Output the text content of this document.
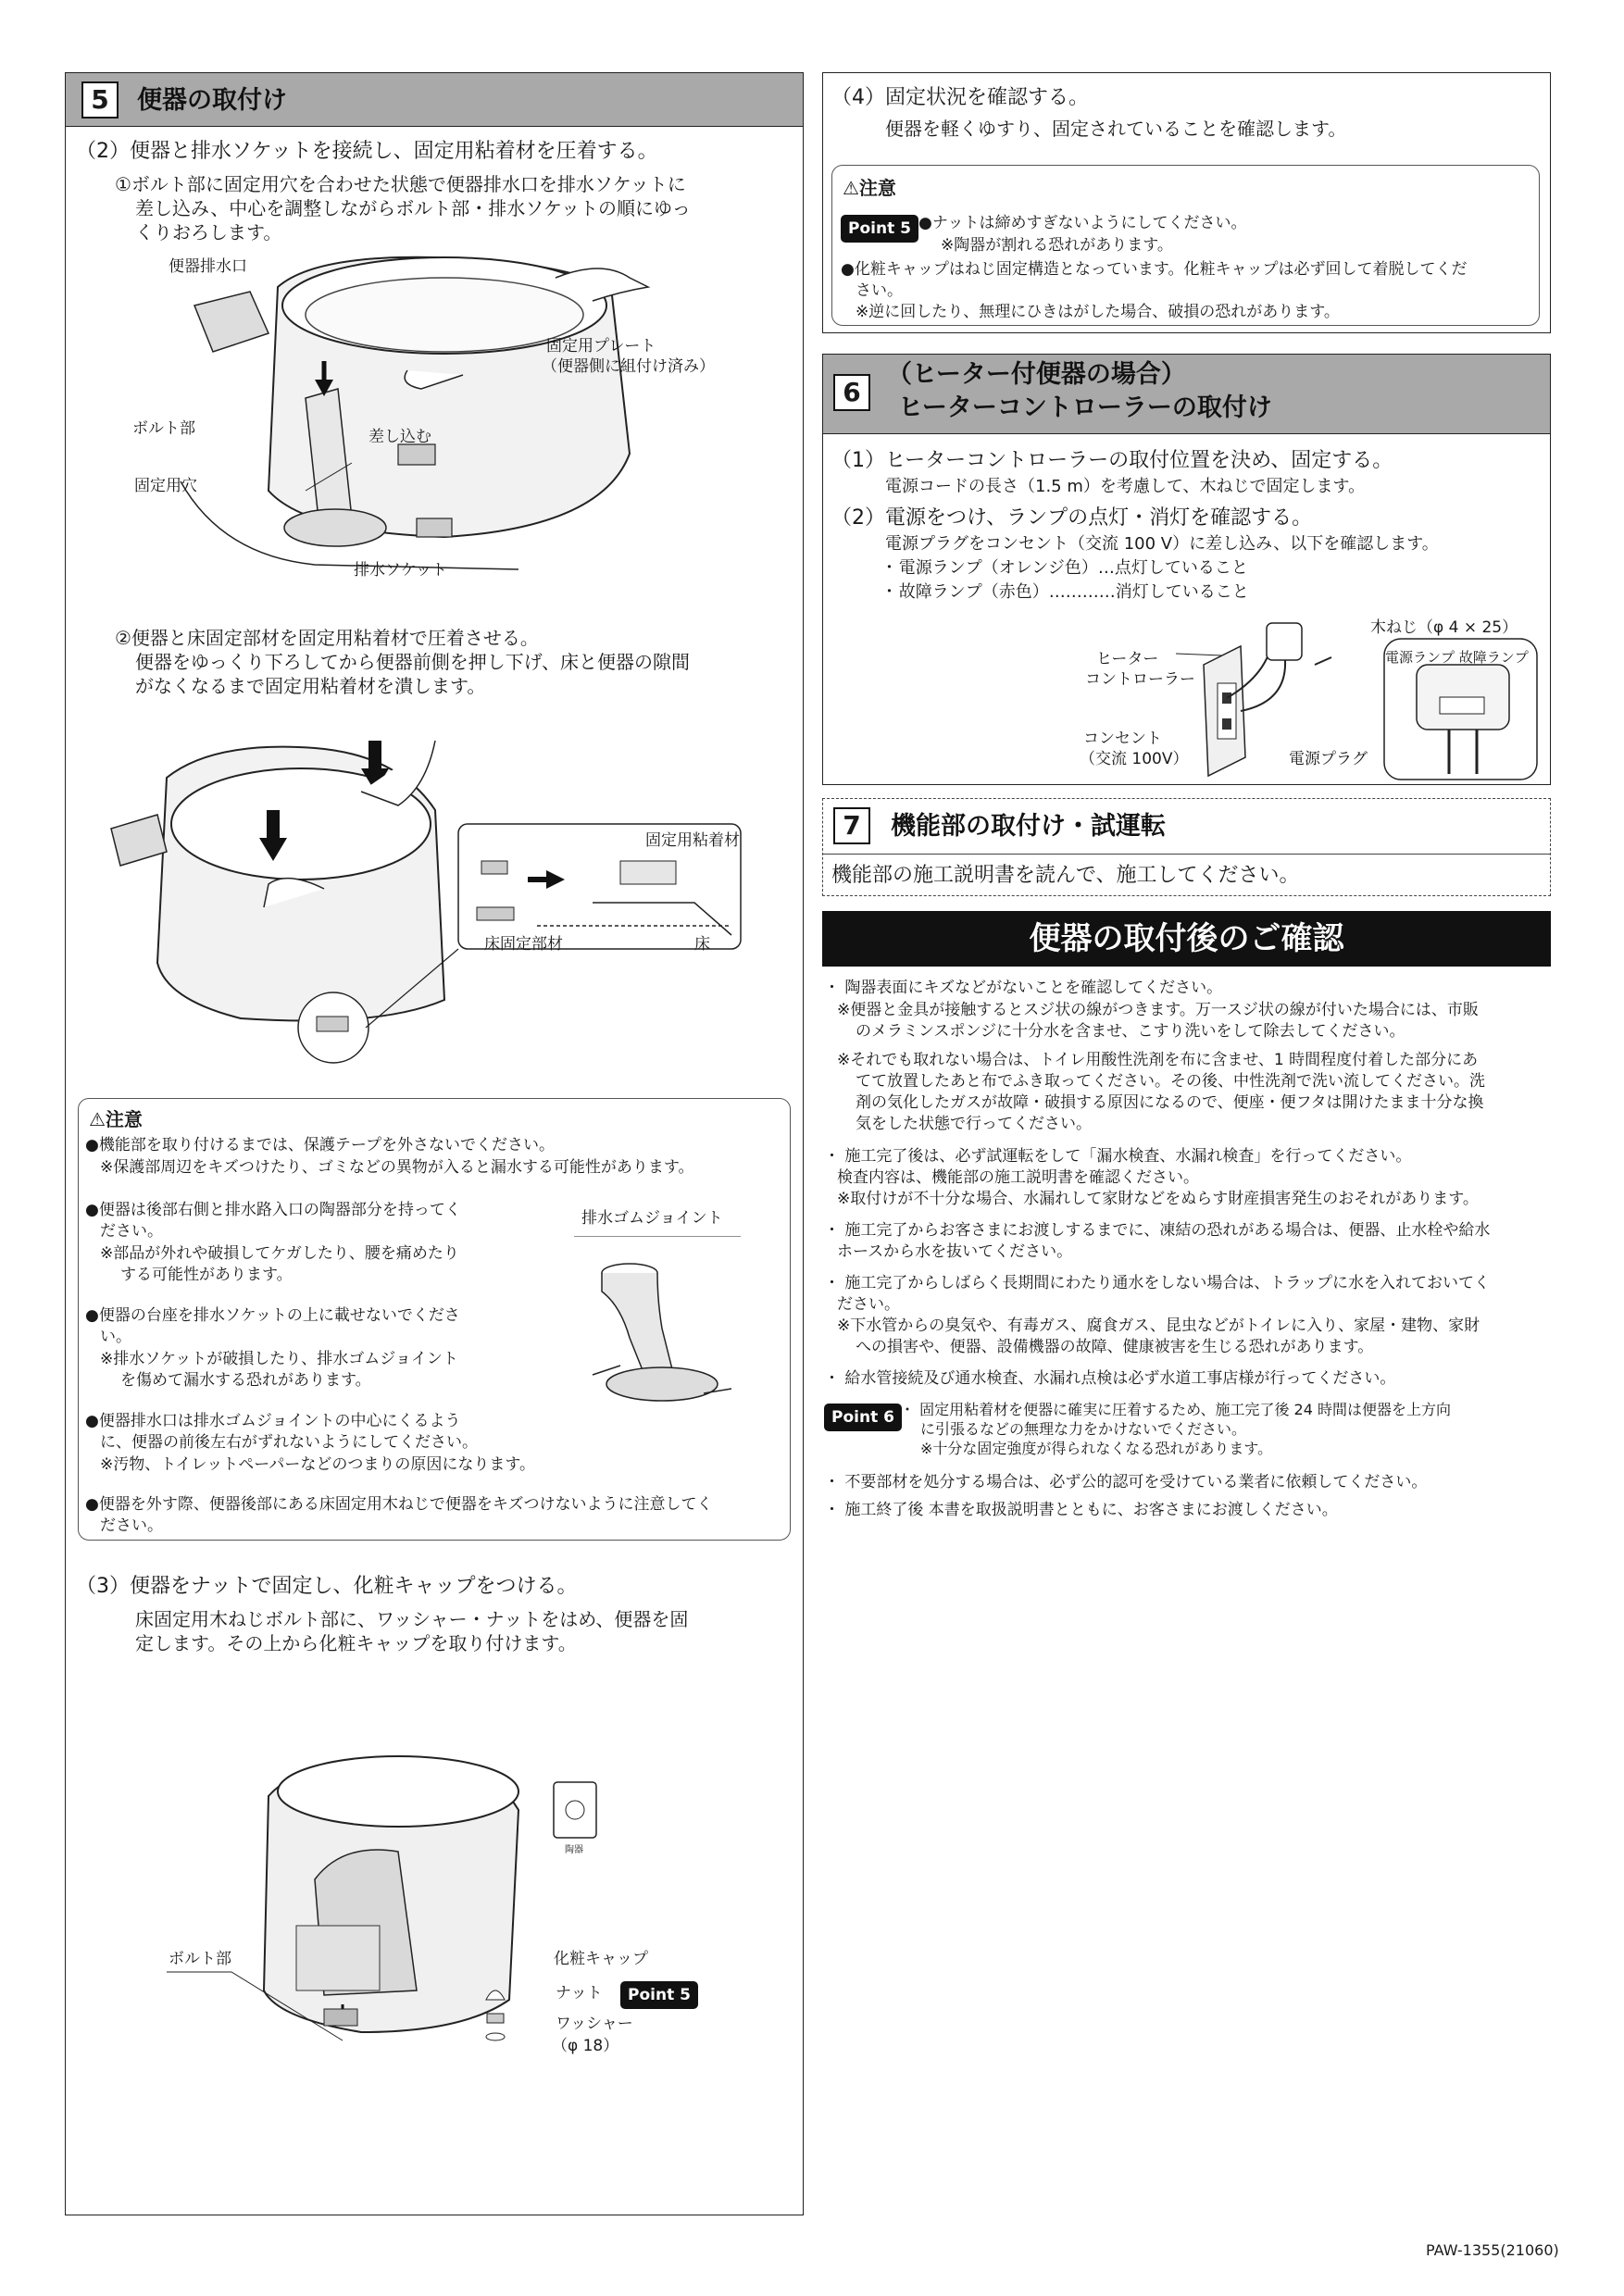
5	便器の取付け
（2）便器と排水ソケットを接続し、固定用粘着材を圧着する。
①ボルト部に固定用穴を合わせた状態で便器排水口を排水ソケットに
差し込み、中心を調整しながらボルト部・排水ソケットの順にゆっ
くりおろします。
便器排水口
固定用プレート
（便器側に組付け済み）
ボルト部	差し込む
固定用穴
排水ソケット
②便器と床固定部材を固定用粘着材で圧着させる。
便器をゆっくり下ろしてから便器前側を押し下げ、床と便器の隙間
がなくなるまで固定用粘着材を潰します。
固定用粘着材
床固定部材	床
⚠注意
●機能部を取り付けるまでは、保護テープを外さないでください。
※保護部周辺をキズつけたり、ゴミなどの異物が入ると漏水する可能性があります。
●便器は後部右側と排水路入口の陶器部分を持ってく
ださい。
※部品が外れや破損してケガしたり、腰を痛めたり
する可能性があります。
●便器の台座を排水ソケットの上に載せないでくださ
い。
※排水ソケットが破損したり、排水ゴムジョイント
を傷めて漏水する恐れがあります。
●便器排水口は排水ゴムジョイントの中心にくるよう
に、便器の前後左右がずれないようにしてください。
※汚物、トイレットペーパーなどのつまりの原因になります。
●便器を外す際、便器後部にある床固定用木ねじで便器をキズつけないように注意してく
ださい。
排水ゴムジョイント
（3）便器をナットで固定し、化粧キャップをつける。
床固定用木ねじボルト部に、ワッシャー・ナットをはめ、便器を固
定します。その上から化粧キャップを取り付けます。
陶器
ボルト部	化粧キャップ
ナット	Point 5
ワッシャー
（φ 18）
（4）固定状況を確認する。
便器を軽くゆすり、固定されていることを確認します。
⚠注意
Point 5 ●ナットは締めすぎないようにしてください。
※陶器が割れる恐れがあります。
●化粧キャップはねじ固定構造となっています。化粧キャップは必ず回して着脱してくだ
さい。
※逆に回したり、無理にひきはがした場合、破損の恐れがあります。
6
（ヒーター付便器の場合）
ヒーターコントローラーの取付け
（1）ヒーターコントローラーの取付位置を決め、固定する。
電源コードの長さ（1.5 m）を考慮して、木ねじで固定します。
（2）電源をつけ、ランプの点灯・消灯を確認する。
電源プラグをコンセント（交流 100 V）に差し込み、以下を確認します。
･ 電源ランプ（オレンジ色）…点灯していること
･ 故障ランプ（赤色）…………消灯していること
木ねじ（φ 4 × 25）
ヒーター
コントローラー
電源ランプ 故障ランプ
コンセント
（交流 100V）	電源プラグ
7	機能部の取付け・試運転
機能部の施工説明書を読んで、施工してください。
便器の取付後のご確認
・ 陶器表面にキズなどがないことを確認してください。
※便器と金具が接触するとスジ状の線がつきます。万一スジ状の線が付いた場合には、市販
のメラミンスポンジに十分水を含ませ、こすり洗いをして除去してください。
※それでも取れない場合は、トイレ用酸性洗剤を布に含ませ、1 時間程度付着した部分にあ
てて放置したあと布でふき取ってください。その後、中性洗剤で洗い流してください。洗
剤の気化したガスが故障・破損する原因になるので、便座・便フタは開けたまま十分な換
気をした状態で行ってください。
・ 施工完了後は、必ず試運転をして「漏水検査、水漏れ検査」を行ってください。
検査内容は、機能部の施工説明書を確認ください。
※取付けが不十分な場合、水漏れして家財などをぬらす財産損害発生のおそれがあります。
・ 施工完了からお客さまにお渡しするまでに、凍結の恐れがある場合は、便器、止水栓や給水
ホースから水を抜いてください。
・ 施工完了からしばらく長期間にわたり通水をしない場合は、トラップに水を入れておいてく
ださい。
※下水管からの臭気や、有毒ガス、腐食ガス、昆虫などがトイレに入り、家屋・建物、家財
への損害や、便器、設備機器の故障、健康被害を生じる恐れがあります。
・ 給水管接続及び通水検査、水漏れ点検は必ず水道工事店様が行ってください。
Point 6 ・ 固定用粘着材を便器に確実に圧着するため、施工完了後 24 時間は便器を上方向
に引張るなどの無理な力をかけないでください。
※十分な固定強度が得られなくなる恐れがあります。
・ 不要部材を処分する場合は、必ず公的認可を受けている業者に依頼してください。
・ 施工終了後 本書を取扱説明書とともに、お客さまにお渡しください。
PAW-1355(21060)
